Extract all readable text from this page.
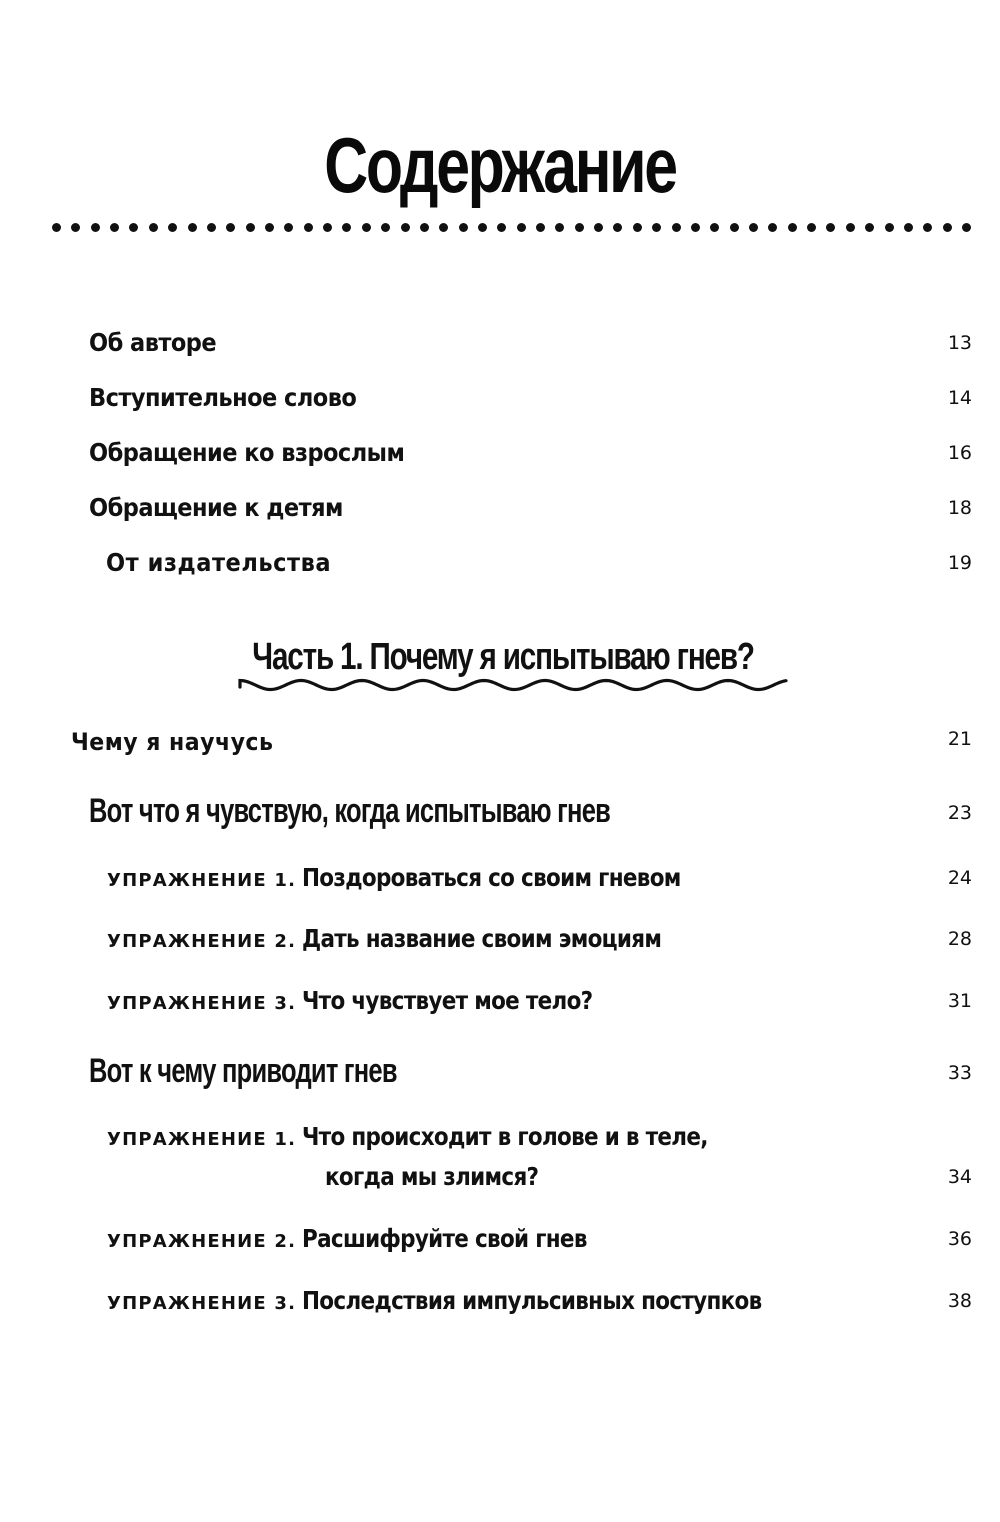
Содержание
Об авторе	13
Вступительное слово	14
Обращение ко взрослым	16
Обращение к детям	18
От издательства	19
Часть 1. Почему я испытываю гнев?
Чему я научусь	21
Вот что я чувствую, когда испытываю гнев	23
УПРАЖНЕНИЕ 1. Поздороваться со своим гневом	24
УПРАЖНЕНИЕ 2. Дать название своим эмоциям	28
УПРАЖНЕНИЕ 3. Что чувствует мое тело?	31
Вот к чему приводит гнев	33
УПРАЖНЕНИЕ 1. Что происходит в голове и в теле,
когда мы злимся?	34
УПРАЖНЕНИЕ 2. Расшифруйте свой гнев	36
УПРАЖНЕНИЕ 3. Последствия импульсивных поступков	38
